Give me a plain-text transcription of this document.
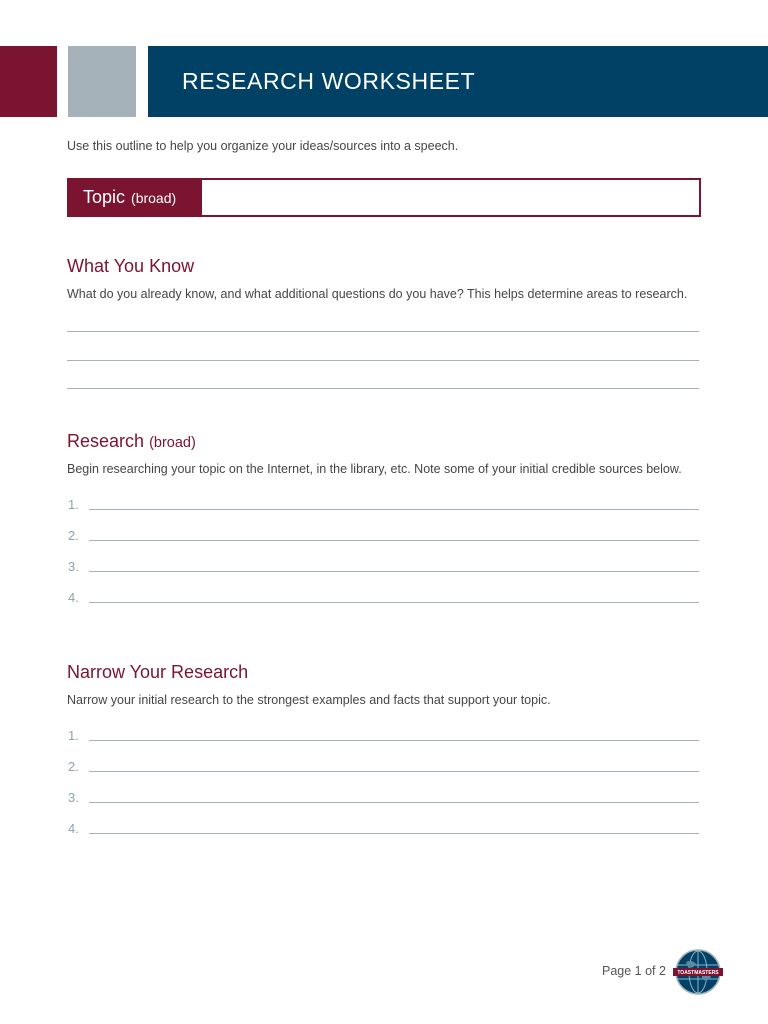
RESEARCH WORKSHEET
Use this outline to help you organize your ideas/sources into a speech.
Topic (broad)
What You Know
What do you already know, and what additional questions do you have? This helps determine areas to research.
Research (broad)
Begin researching your topic on the Internet, in the library, etc. Note some of your initial credible sources below.
1.
2.
3.
4.
Narrow Your Research
Narrow your initial research to the strongest examples and facts that support your topic.
1.
2.
3.
4.
Page 1 of 2 TOASTMASTERS
